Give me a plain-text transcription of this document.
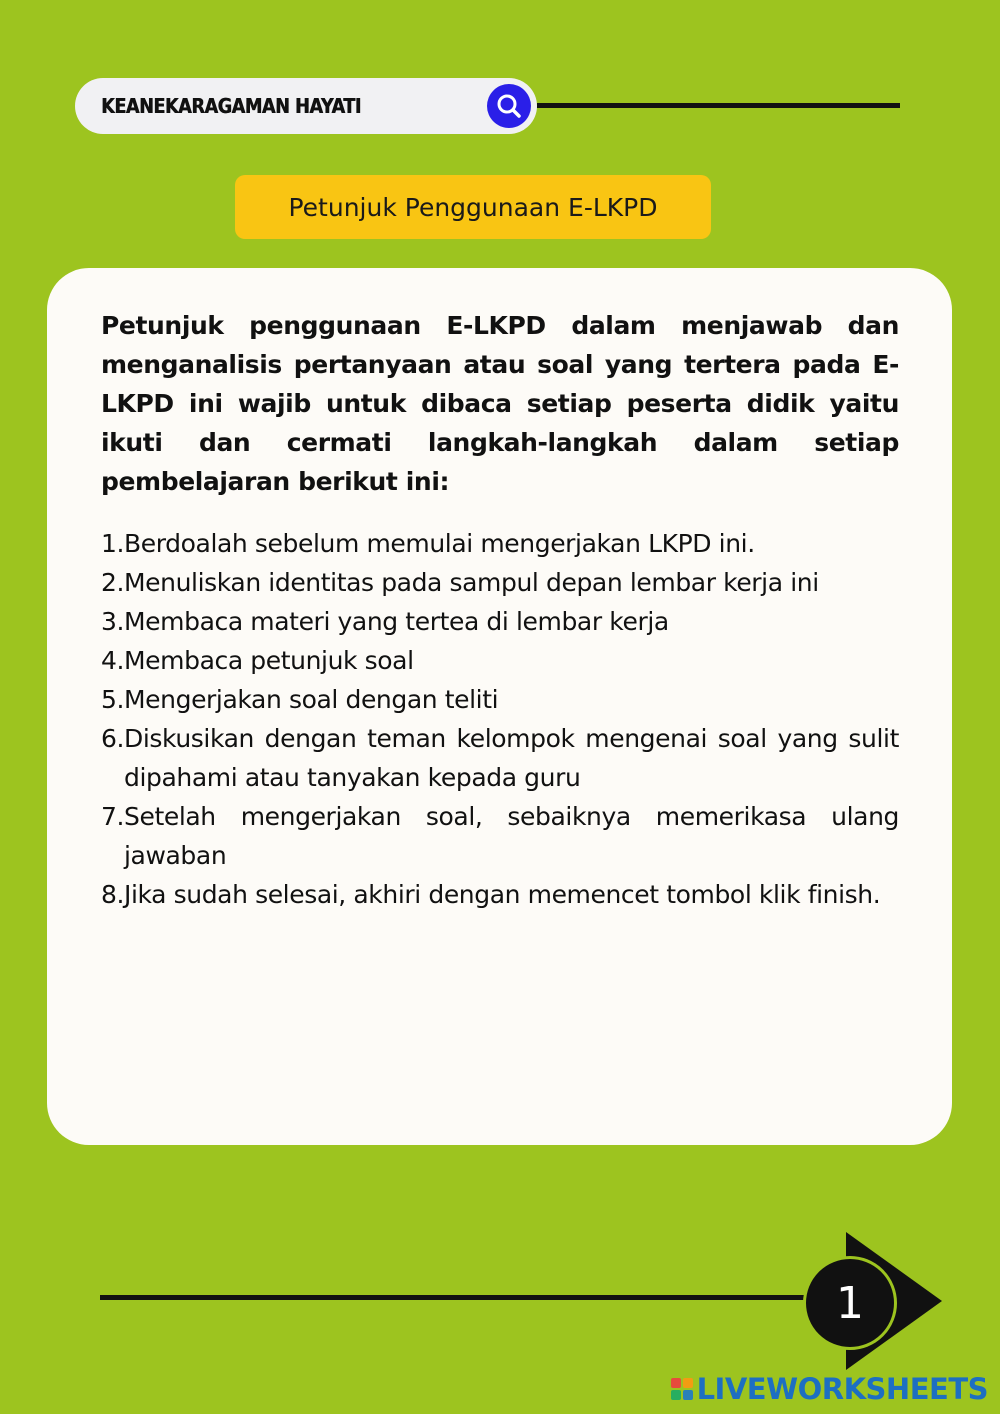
KEANEKARAGAMAN HAYATI
Petunjuk Penggunaan E-LKPD

Petunjuk penggunaan E-LKPD dalam menjawab dan menganalisis pertanyaan atau soal yang tertera pada E-LKPD ini wajib untuk dibaca setiap peserta didik yaitu ikuti dan cermati langkah-langkah dalam setiap pembelajaran berikut ini:

1. Berdoalah sebelum memulai mengerjakan LKPD ini.
2. Menuliskan identitas pada sampul depan lembar kerja ini
3. Membaca materi yang tertea di lembar kerja
4. Membaca petunjuk soal
5. Mengerjakan soal dengan teliti
6. Diskusikan dengan teman kelompok mengenai soal yang sulit dipahami atau tanyakan kepada guru
7. Setelah mengerjakan soal, sebaiknya memerikasa ulang jawaban
8. Jika sudah selesai, akhiri dengan memencet tombol klik finish.
1
LIVEWORKSHEETS
